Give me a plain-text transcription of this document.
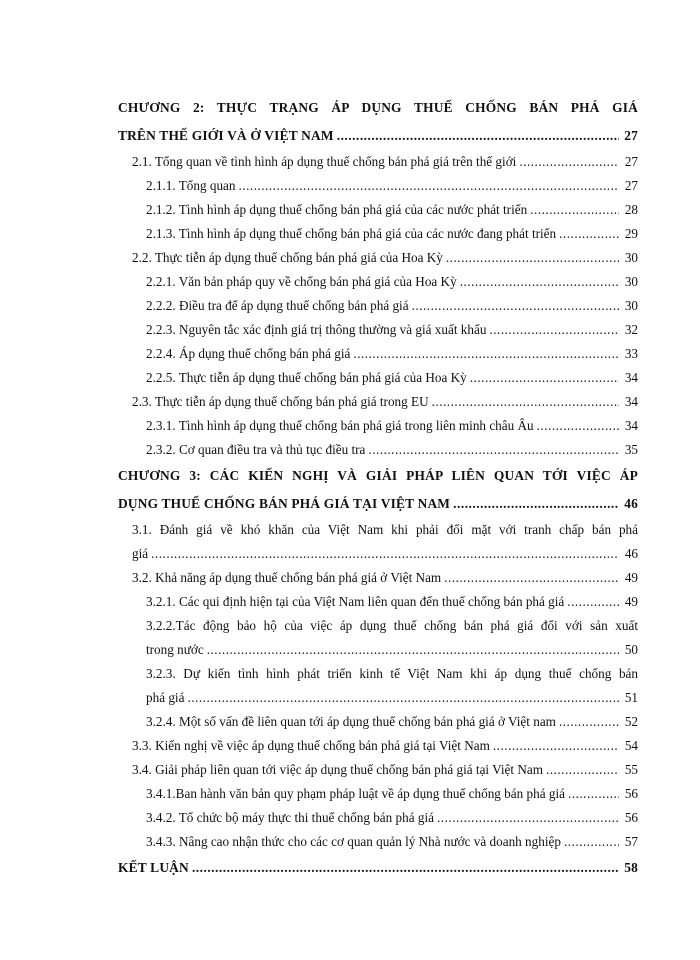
CHƯƠNG 2: THỰC TRẠNG ÁP DỤNG THUẾ CHỐNG BÁN PHÁ GIÁ
TRÊN THẾ GIỚI VÀ Ở VIỆT NAM .....	27
2.1. Tổng quan về tình hình áp dụng thuế chống bán phá giá trên thế giới .....	27
2.1.1. Tổng quan .....	27
2.1.2. Tình hình áp dụng thuế chống bán phá giá của các nước phát triển .....	28
2.1.3. Tình hình áp dụng thuế chống bán phá giá của các nước đang phát triển .....	29
2.2. Thực tiễn áp dụng thuế chống bán phá giá của Hoa Kỳ .....	30
2.2.1. Văn bản pháp quy về chống bán phá giá của Hoa Kỳ .....	30
2.2.2. Điều tra để áp dụng thuế chống bán phá giá .....	30
2.2.3. Nguyên tắc xác định giá trị thông thường và giá xuất khẩu .....	32
2.2.4. Áp dụng thuế chống bán phá giá .....	33
2.2.5. Thực tiễn áp dụng thuế chống bán phá giá của Hoa Kỳ .....	34
2.3. Thực tiễn áp dụng thuế chống bán phá giá trong EU .....	34
2.3.1. Tình hình áp dụng thuế chống bán phá giá trong liên minh châu Âu .....	34
2.3.2. Cơ quan điều tra và thủ tục điều tra .....	35
CHƯƠNG 3: CÁC KIẾN NGHỊ VÀ GIẢI PHÁP LIÊN QUAN TỚI VIỆC ÁP
DỤNG THUẾ CHỐNG BÁN PHÁ GIÁ TẠI VIỆT NAM .....	46
3.1. Đánh giá về khó khăn của Việt Nam khi phải đối mặt với tranh chấp bán phá
giá .....	46
3.2. Khả năng áp dụng thuế chống bán phá giá ở Việt Nam .....	49
3.2.1. Các qui định hiện tại của Việt Nam liên quan đến thuế chống bán phá giá .....	49
3.2.2.Tác động bảo hộ của việc áp dụng thuế chống bán phá giá đối với sản xuất
trong nước .....	50
3.2.3. Dự kiến tình hình phát triển kinh tế Việt Nam khi áp dụng thuế chống bán
phá giá .....	51
3.2.4. Một số vấn đề liên quan tới áp dụng thuế chống bán phá giá ở Việt nam .....	52
3.3. Kiến nghị về việc áp dụng thuế chống bán phá giá tại Việt Nam .....	54
3.4. Giải pháp liên quan tới việc áp dụng thuế chống bán phá giá tại Việt Nam .....	55
3.4.1.Ban hành văn bản quy phạm pháp luật về áp dụng thuế chống bán phá giá .....	56
3.4.2. Tổ chức bộ máy thực thi thuế chống bán phá giá .....	56
3.4.3. Nâng cao nhận thức cho các cơ quan quản lý Nhà nước và doanh nghiệp .....	57
KẾT LUẬN .....	58
